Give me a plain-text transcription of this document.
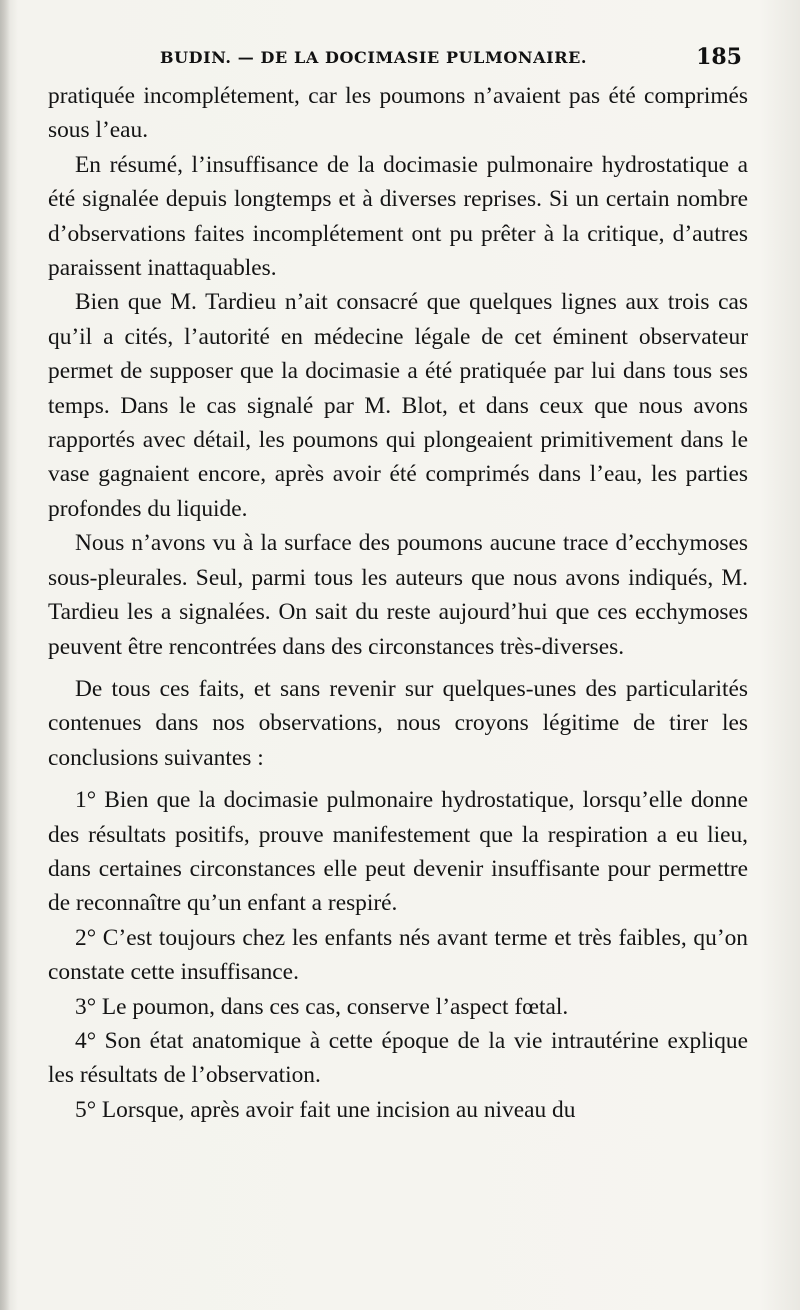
BUDIN. — DE LA DOCIMASIE PULMONAIRE.	185

pratiquée incomplétement, car les poumons n’avaient pas été comprimés sous l’eau.

En résumé, l’insuffisance de la docimasie pulmonaire hydrostatique a été signalée depuis longtemps et à diverses reprises. Si un certain nombre d’observations faites incomplétement ont pu prêter à la critique, d’autres paraissent inattaquables.

Bien que M. Tardieu n’ait consacré que quelques lignes aux trois cas qu’il a cités, l’autorité en médecine légale de cet éminent observateur permet de supposer que la docimasie a été pratiquée par lui dans tous ses temps. Dans le cas signalé par M. Blot, et dans ceux que nous avons rapportés avec détail, les poumons qui plongeaient primitivement dans le vase gagnaient encore, après avoir été comprimés dans l’eau, les parties profondes du liquide.

Nous n’avons vu à la surface des poumons aucune trace d’ecchymoses sous-pleurales. Seul, parmi tous les auteurs que nous avons indiqués, M. Tardieu les a signalées. On sait du reste aujourd’hui que ces ecchymoses peuvent être rencontrées dans des circonstances très-diverses.

De tous ces faits, et sans revenir sur quelques-unes des particularités contenues dans nos observations, nous croyons légitime de tirer les conclusions suivantes :

1° Bien que la docimasie pulmonaire hydrostatique, lorsqu’elle donne des résultats positifs, prouve manifestement que la respiration a eu lieu, dans certaines circonstances elle peut devenir insuffisante pour permettre de reconnaître qu’un enfant a respiré.

2° C’est toujours chez les enfants nés avant terme et très faibles, qu’on constate cette insuffisance.

3° Le poumon, dans ces cas, conserve l’aspect fœtal.

4° Son état anatomique à cette époque de la vie intrautérine explique les résultats de l’observation.

5° Lorsque, après avoir fait une incision au niveau du
